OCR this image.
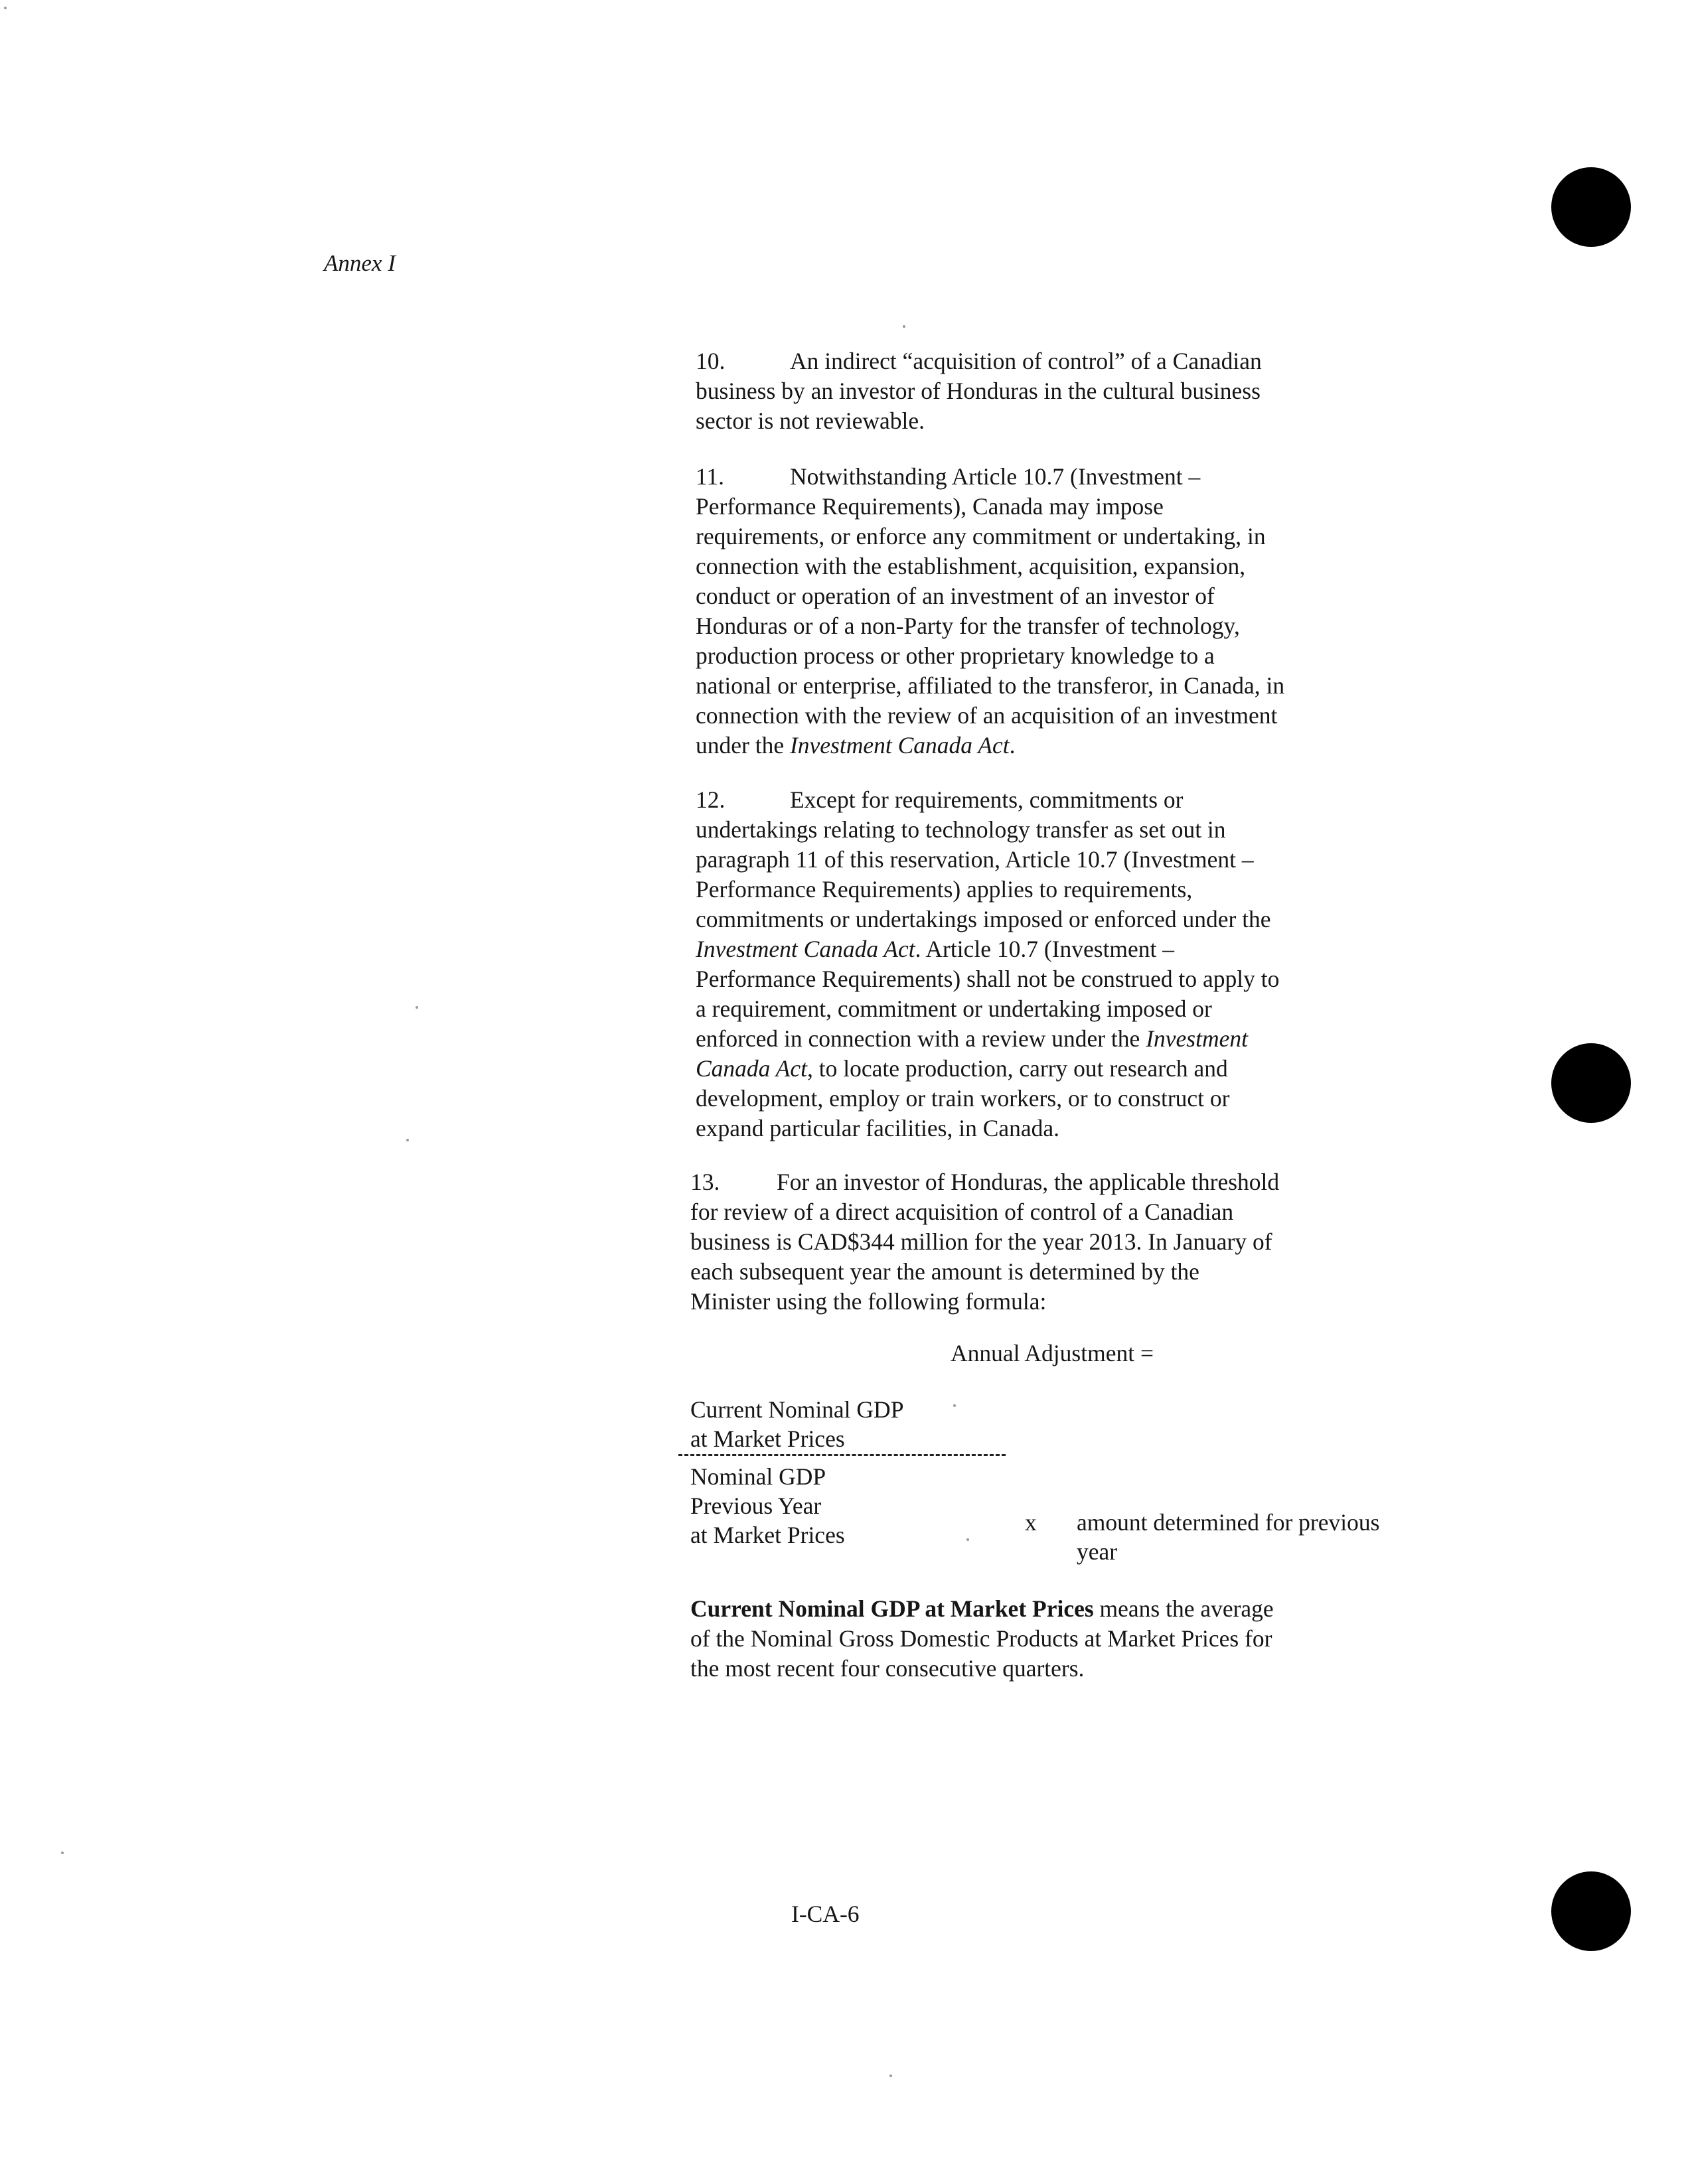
Annex I
10.	An indirect “acquisition of control” of a Canadian
business by an investor of Honduras in the cultural business
sector is not reviewable.
11.	Notwithstanding Article 10.7 (Investment –
Performance Requirements), Canada may impose
requirements, or enforce any commitment or undertaking, in
connection with the establishment, acquisition, expansion,
conduct or operation of an investment of an investor of
Honduras or of a non-Party for the transfer of technology,
production process or other proprietary knowledge to a
national or enterprise, affiliated to the transferor, in Canada, in
connection with the review of an acquisition of an investment
under the Investment Canada Act.
12.	Except for requirements, commitments or
undertakings relating to technology transfer as set out in
paragraph 11 of this reservation, Article 10.7 (Investment –
Performance Requirements) applies to requirements,
commitments or undertakings imposed or enforced under the
Investment Canada Act. Article 10.7 (Investment –
Performance Requirements) shall not be construed to apply to
a requirement, commitment or undertaking imposed or
enforced in connection with a review under the Investment
Canada Act, to locate production, carry out research and
development, employ or train workers, or to construct or
expand particular facilities, in Canada.
13. For an investor of Honduras, the applicable threshold
for review of a direct acquisition of control of a Canadian
business is CAD$344 million for the year 2013. In January of
each subsequent year the amount is determined by the
Minister using the following formula:
Annual Adjustment =
Current Nominal GDP
at Market Prices
Nominal GDP
Previous Year
at Market Prices	x amount determined for previous
year
Current Nominal GDP at Market Prices means the average
of the Nominal Gross Domestic Products at Market Prices for
the most recent four consecutive quarters.
I-CA-6
